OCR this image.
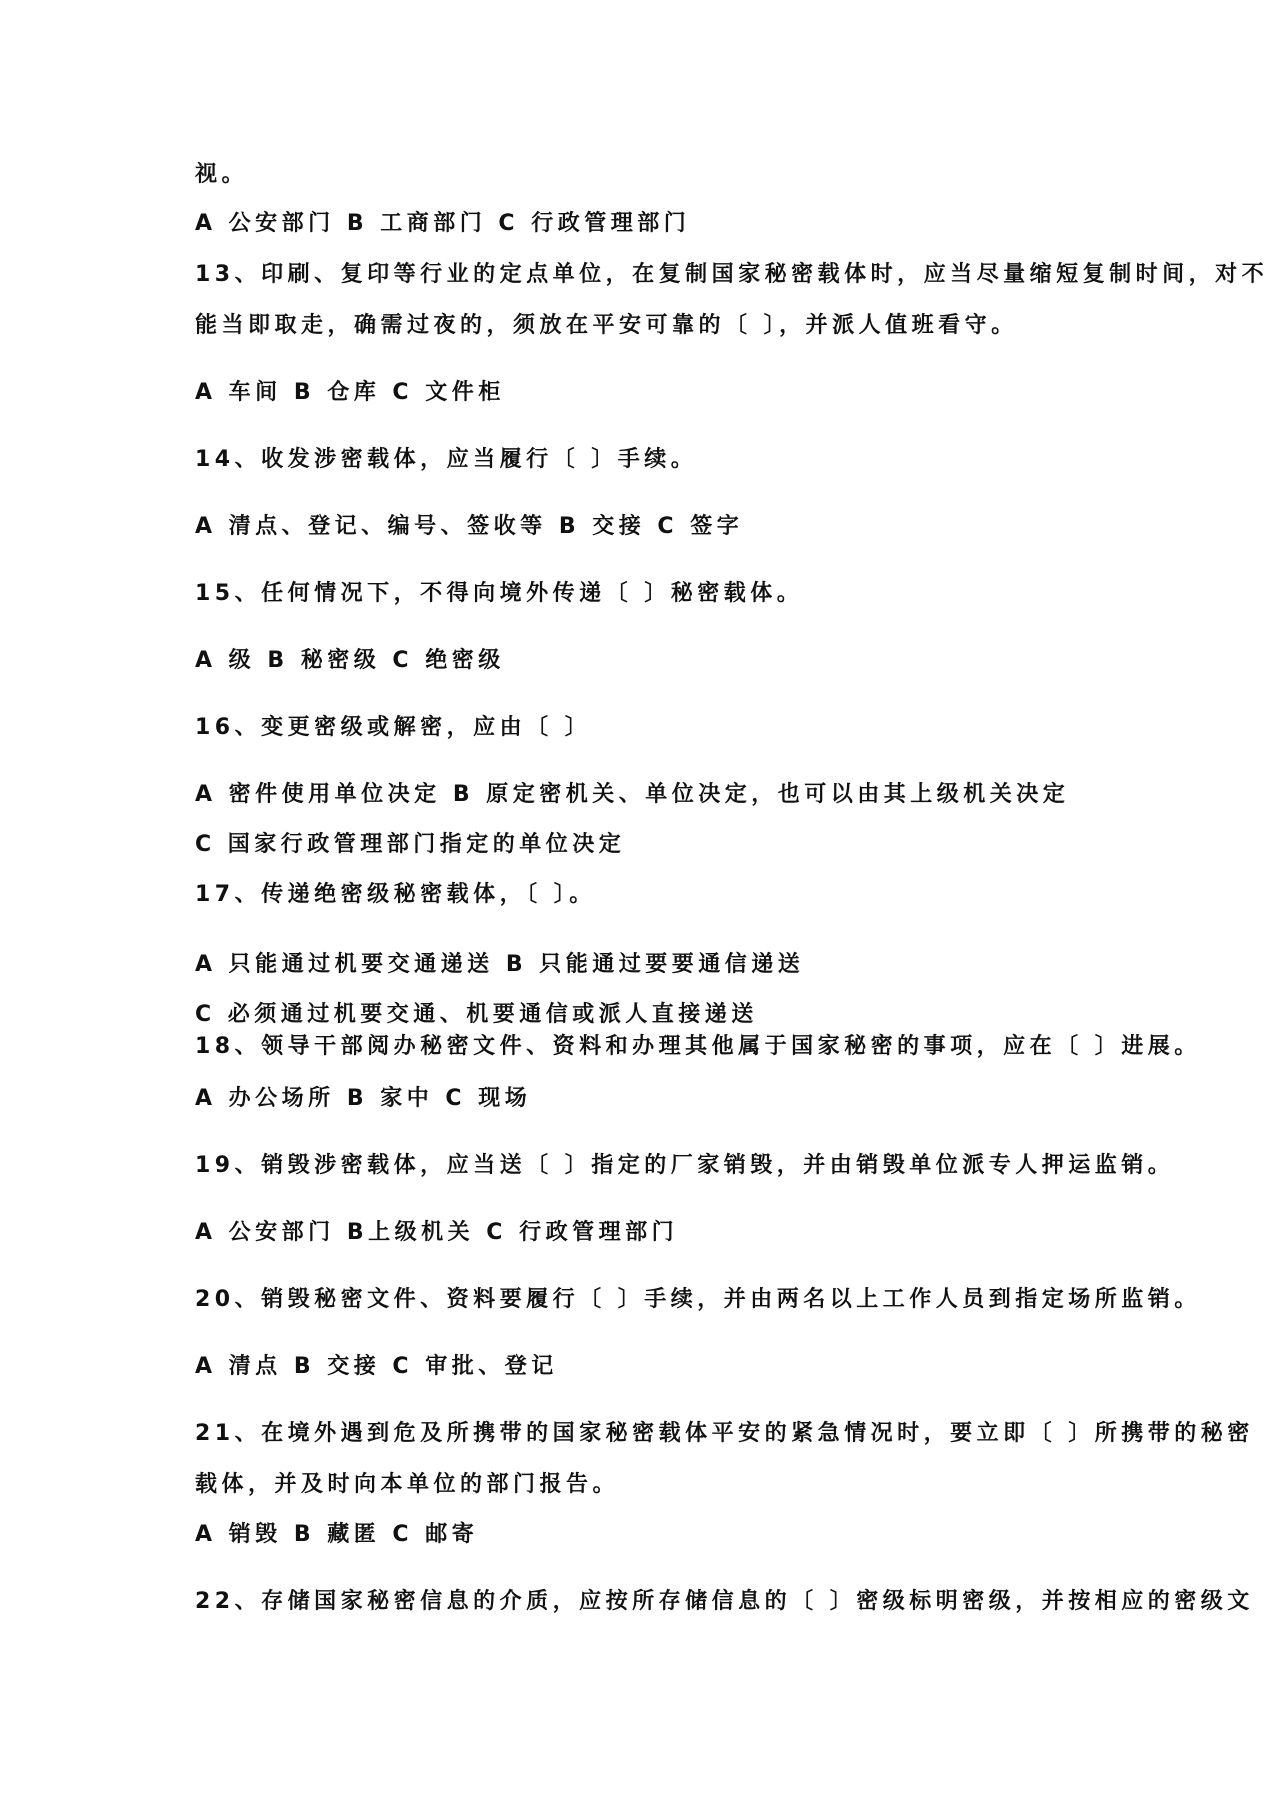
视。
A 公安部门 B 工商部门 C 行政管理部门
13、印刷、复印等行业的定点单位，在复制国家秘密载体时，应当尽量缩短复制时间，对不
能当即取走，确需过夜的，须放在平安可靠的〔 〕，并派人值班看守。
A 车间 B 仓库 C 文件柜
14、收发涉密载体，应当履行〔 〕手续。
A 清点、登记、编号、签收等 B 交接 C 签字
15、任何情况下，不得向境外传递〔 〕秘密载体。
A 级 B 秘密级 C 绝密级
16、变更密级或解密，应由〔 〕
A 密件使用单位决定 B 原定密机关、单位决定，也可以由其上级机关决定
C 国家行政管理部门指定的单位决定
17、传递绝密级秘密载体，〔 〕。
A 只能通过机要交通递送 B 只能通过要要通信递送
C 必须通过机要交通、机要通信或派人直接递送
18、领导干部阅办秘密文件、资料和办理其他属于国家秘密的事项，应在〔 〕进展。
A 办公场所 B 家中 C 现场
19、销毁涉密载体，应当送〔 〕指定的厂家销毁，并由销毁单位派专人押运监销。
A 公安部门 B上级机关 C 行政管理部门
20、销毁秘密文件、资料要履行〔 〕手续，并由两名以上工作人员到指定场所监销。
A 清点 B 交接 C 审批、登记
21、在境外遇到危及所携带的国家秘密载体平安的紧急情况时，要立即〔 〕所携带的秘密
载体，并及时向本单位的部门报告。
A 销毁 B 藏匿 C 邮寄
22、存储国家秘密信息的介质，应按所存储信息的〔 〕密级标明密级，并按相应的密级文
